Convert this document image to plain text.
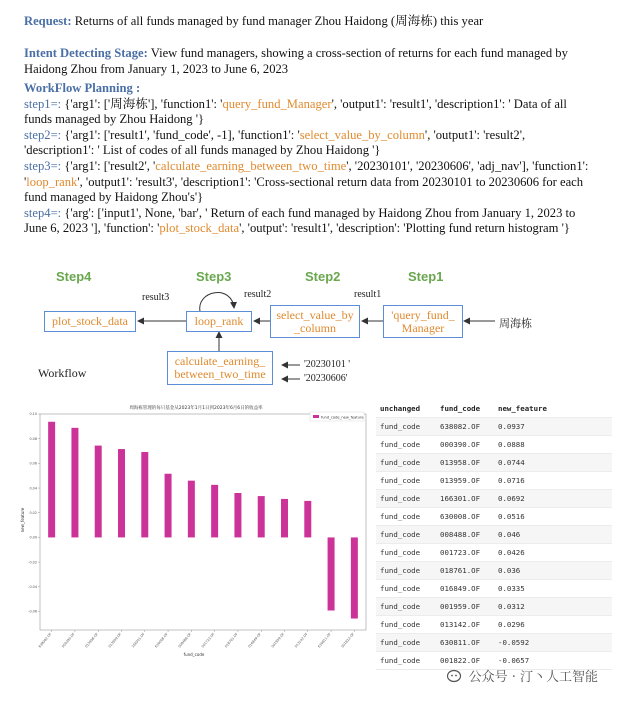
Request: Returns of all funds managed by fund manager Zhou Haidong (周海栋) this year
Intent Detecting Stage: View fund managers, showing a cross-section of returns for each fund managed by Haidong Zhou from January 1, 2023 to June 6, 2023
WorkFlow Planning :
step1=: {'arg1': ['周海栋'], 'function1': 'query_fund_Manager', 'output1': 'result1', 'description1': ' Data of all funds managed by Zhou Haidong '}
step2=: {'arg1': ['result1', 'fund_code', -1], 'function1': 'select_value_by_column', 'output1': 'result2', 'description1': ' List of codes of all funds managed by Zhou Haidong '}
step3=: {'arg1': ['result2', 'calculate_earning_between_two_time', '20230101', '20230606', 'adj_nav'], 'function1': 'loop_rank', 'output1': 'result3', 'description1': 'Cross-sectional return data from 20230101 to 20230606 for each fund managed by Haidong Zhou's'}
step4=: {'arg': ['input1', None, 'bar', ' Return of each fund managed by Haidong Zhou from January 1, 2023 to June 6, 2023 '], 'function': 'plot_stock_data', 'output': 'result1', 'description': 'Plotting fund return histogram '}
Step4	Step3	Step2	Step1
plot_stock_data	loop_rank	select_value_by
_column
'query_fund_
Manager
calculate_earning_
between_two_time
result3	result2	result1
周海栋
'20230101 '
'20230606'
Workflow
周海栋管理的每只基金从2023年1月1日到2023年6月6日的收益率
-0.06
-0.04
-0.02
0.00
0.02
0.04
0.06
0.08
0.10
638082.OF	000390.OF	013958.OF	013959.OF	166301.OF	630008.OF	008488.OF	001723.OF	018761.OF	016849.OF	001959.OF	013142.OF	630811.OF	001822.OF
fund_code_new_feature
fund_code
new_feature
unchanged	fund_code	new_feature
fund_code	638082.OF	0.0937
fund_code	000390.OF	0.0888
fund_code	013958.OF	0.0744
fund_code	013959.OF	0.0716
fund_code	166301.OF	0.0692
fund_code	630008.OF	0.0516
fund_code	008488.OF	0.046
fund_code	001723.OF	0.0426
fund_code	018761.OF	0.036
fund_code	016849.OF	0.0335
fund_code	001959.OF	0.0312
fund_code	013142.OF	0.0296
fund_code	630811.OF	-0.0592
fund_code	001822.OF	-0.0657
公众号 · 汀丶人工智能
